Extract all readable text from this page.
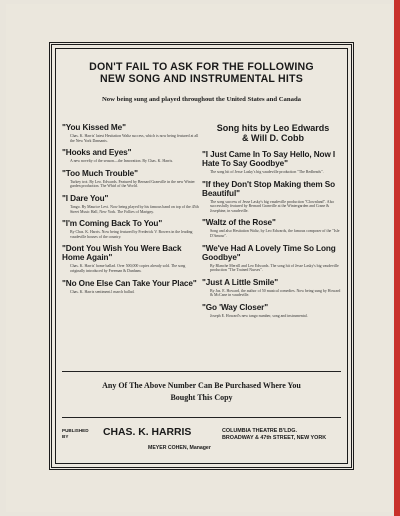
DON'T FAIL TO ASK FOR THE FOLLOWING
NEW SONG AND INSTRUMENTAL HITS
Now being sung and played throughout the United States and Canada
"You Kissed Me"
Chas. K. Harris' latest Hesitation Waltz success, which is now being featured at all the New York Dansants.
"Hooks and Eyes"
A new novelty of the season—the Innovation. By Chas. K. Harris.
"Too Much Trouble"
Turkey trot. By Leo. Edwards. Featured by Bernard Granville in the new Winter garden production. The Whirl of the World.
"I Dare You"
Tango. By Maurice Levi. Now being played by his famous band on top of the 45th Street Music Hall, New York. The Follies of Marigny.
"I'm Coming Back To You"
By Chas. K. Harris. Now being featured by Frederick V. Bowers in the leading vaudeville houses of the country.
"Dont You Wish You Were Back Home Again"
Chas. K. Harris' home ballad. Over 500,000 copies already sold. The song originally introduced by Freeman & Dunham.
"No One Else Can Take Your Place"
Chas. K. Harris sentiment.l march ballad.
Song hits by Leo Edwards
& Will D. Cobb
"I Just Came In To Say Hello, Now I Hate To Say Goodbye"
The song hit of Jesse Lasky's big vaudeville production "The Redheads".
"If they Don't Stop Making them So Beautiful"
The song success of Jesse Lasky's big vaudeville production "Clownland". Also successfully featured by Bernard Granville at the Wintergarden and Crane & Josephine, in vaudeville.
"Waltz of the Rose"
Song and also Hesitation Waltz, by Leo Edwards, the famous composer of the "Isle D'Amour".
"We've Had A Lovely Time So Long Goodbye"
By Blanche Merrill and Leo Edwards. The song hit of Jesse Lasky's big vaudeville production "The Trained Nurses".
"Just A Little Smile"
By Jas. E. Howard, the author of 50 musical comedies. Now being sung by Howard & McCane in vaudeville.
"Go 'Way Closer"
Joseph E. Howard's new tango number, song and instrumental.
Any Of The Above Number Can Be Purchased Where You
Bought This Copy
PUBLISHED
BY	CHAS. K. HARRIS	COLUMBIA THEATRE B'LDG.
BROADWAY & 47th STREET, NEW YORK
MEYER COHEN, Manager
